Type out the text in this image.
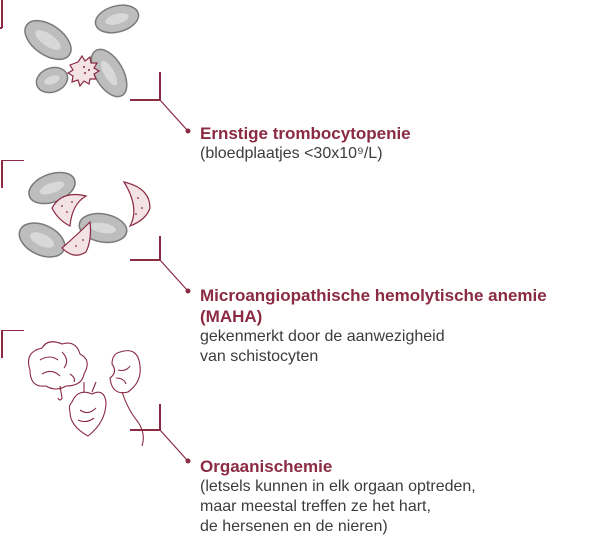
Ernstige trombocytopenie

(bloedplaatjes <30x10⁹/L)

Microangiopathische hemolytische anemie
(MAHA)

gekenmerkt door de aanwezigheid
van schistocyten

Orgaanischemie

(letsels kunnen in elk orgaan optreden,
maar meestal treffen ze het hart,
de hersenen en de nieren)
